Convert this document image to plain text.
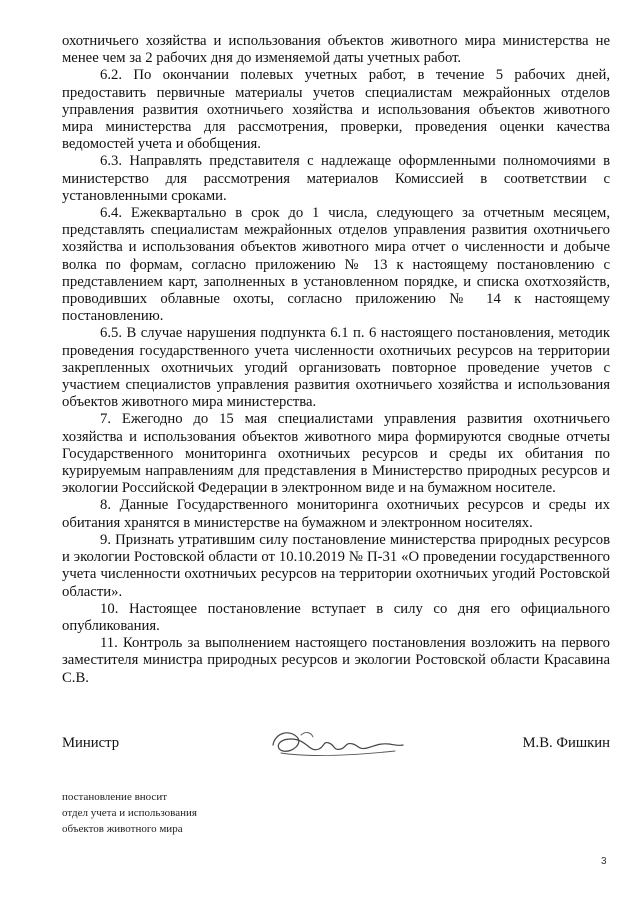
охотничьего хозяйства и использования объектов животного мира министерства не менее чем за 2 рабочих дня до изменяемой даты учетных работ.

6.2. По окончании полевых учетных работ, в течение 5 рабочих дней, предоставить первичные материалы учетов специалистам межрайонных отделов управления развития охотничьего хозяйства и использования объектов животного мира министерства для рассмотрения, проверки, проведения оценки качества ведомостей учета и обобщения.

6.3. Направлять представителя с надлежаще оформленными полномочиями в министерство для рассмотрения материалов Комиссией в соответствии с установленными сроками.

6.4. Ежеквартально в срок до 1 числа, следующего за отчетным месяцем, представлять специалистам межрайонных отделов управления развития охотничьего хозяйства и использования объектов животного мира отчет о численности и добыче волка по формам, согласно приложению № 13 к настоящему постановлению с представлением карт, заполненных в установленном порядке, и списка охотхозяйств, проводивших облавные охоты, согласно приложению № 14 к настоящему постановлению.

6.5. В случае нарушения подпункта 6.1 п. 6 настоящего постановления, методик проведения государственного учета численности охотничьих ресурсов на территории закрепленных охотничьих угодий организовать повторное проведение учетов с участием специалистов управления развития охотничьего хозяйства и использования объектов животного мира министерства.

7. Ежегодно до 15 мая специалистами управления развития охотничьего хозяйства и использования объектов животного мира формируются сводные отчеты Государственного мониторинга охотничьих ресурсов и среды их обитания по курируемым направлениям для представления в Министерство природных ресурсов и экологии Российской Федерации в электронном виде и на бумажном носителе.

8. Данные Государственного мониторинга охотничьих ресурсов и среды их обитания хранятся в министерстве на бумажном и электронном носителях.

9. Признать утратившим силу постановление министерства природных ресурсов и экологии Ростовской области от 10.10.2019 № П-31 «О проведении государственного учета численности охотничьих ресурсов на территории охотничьих угодий Ростовской области».

10. Настоящее постановление вступает в силу со дня его официального опубликования.

11. Контроль за выполнением настоящего постановления возложить на первого заместителя министра природных ресурсов и экологии Ростовской области Красавина С.В.

Министр	М.В. Фишкин
постановление вносит
отдел учета и использования
объектов животного мира
3
